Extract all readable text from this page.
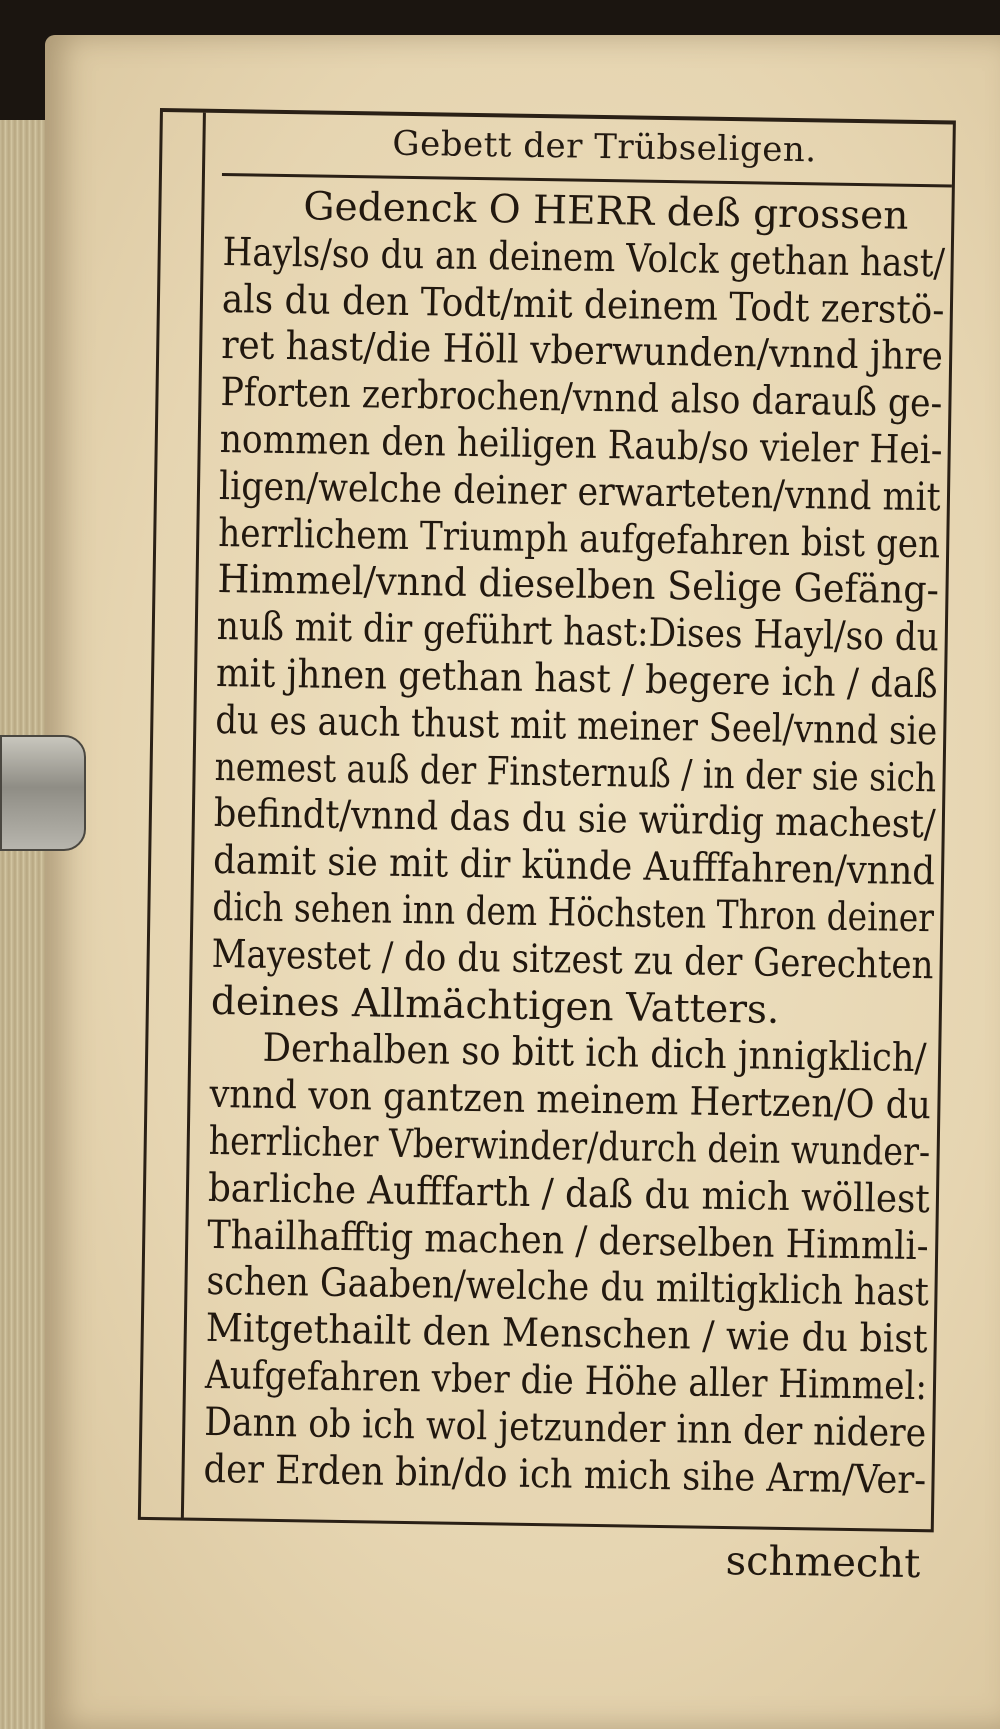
Gebett der Trübseligen.
Gedenck O HERR deß grossen
Hayls/so du an deinem Volck gethan hast/
als du den Todt/mit deinem Todt zerstö-
ret hast/die Höll vberwunden/vnnd jhre
Pforten zerbrochen/vnnd also darauß ge-
nommen den heiligen Raub/so vieler Hei-
ligen/welche deiner erwarteten/vnnd mit
herrlichem Triumph aufgefahren bist gen
Himmel/vnnd dieselben Selige Gefäng-
nuß mit dir geführt hast:Dises Hayl/so du
mit jhnen gethan hast / begere ich / daß
du es auch thust mit meiner Seel/vnnd sie
nemest auß der Finsternuß / in der sie sich
befindt/vnnd das du sie würdig machest/
damit sie mit dir künde Aufffahren/vnnd
dich sehen inn dem Höchsten Thron deiner
Mayestet / do du sitzest zu der Gerechten
deines Allmächtigen Vatters.
Derhalben so bitt ich dich jnnigklich/
vnnd von gantzen meinem Hertzen/O du
herrlicher Vberwinder/durch dein wunder-
barliche Aufffarth / daß du mich wöllest
Thailhafftig machen / derselben Himmli-
schen Gaaben/welche du miltigklich hast
Mitgethailt den Menschen / wie du bist
Aufgefahren vber die Höhe aller Himmel:
Dann ob ich wol jetzunder inn der nidere
der Erden bin/do ich mich sihe Arm/Ver-
schmecht
